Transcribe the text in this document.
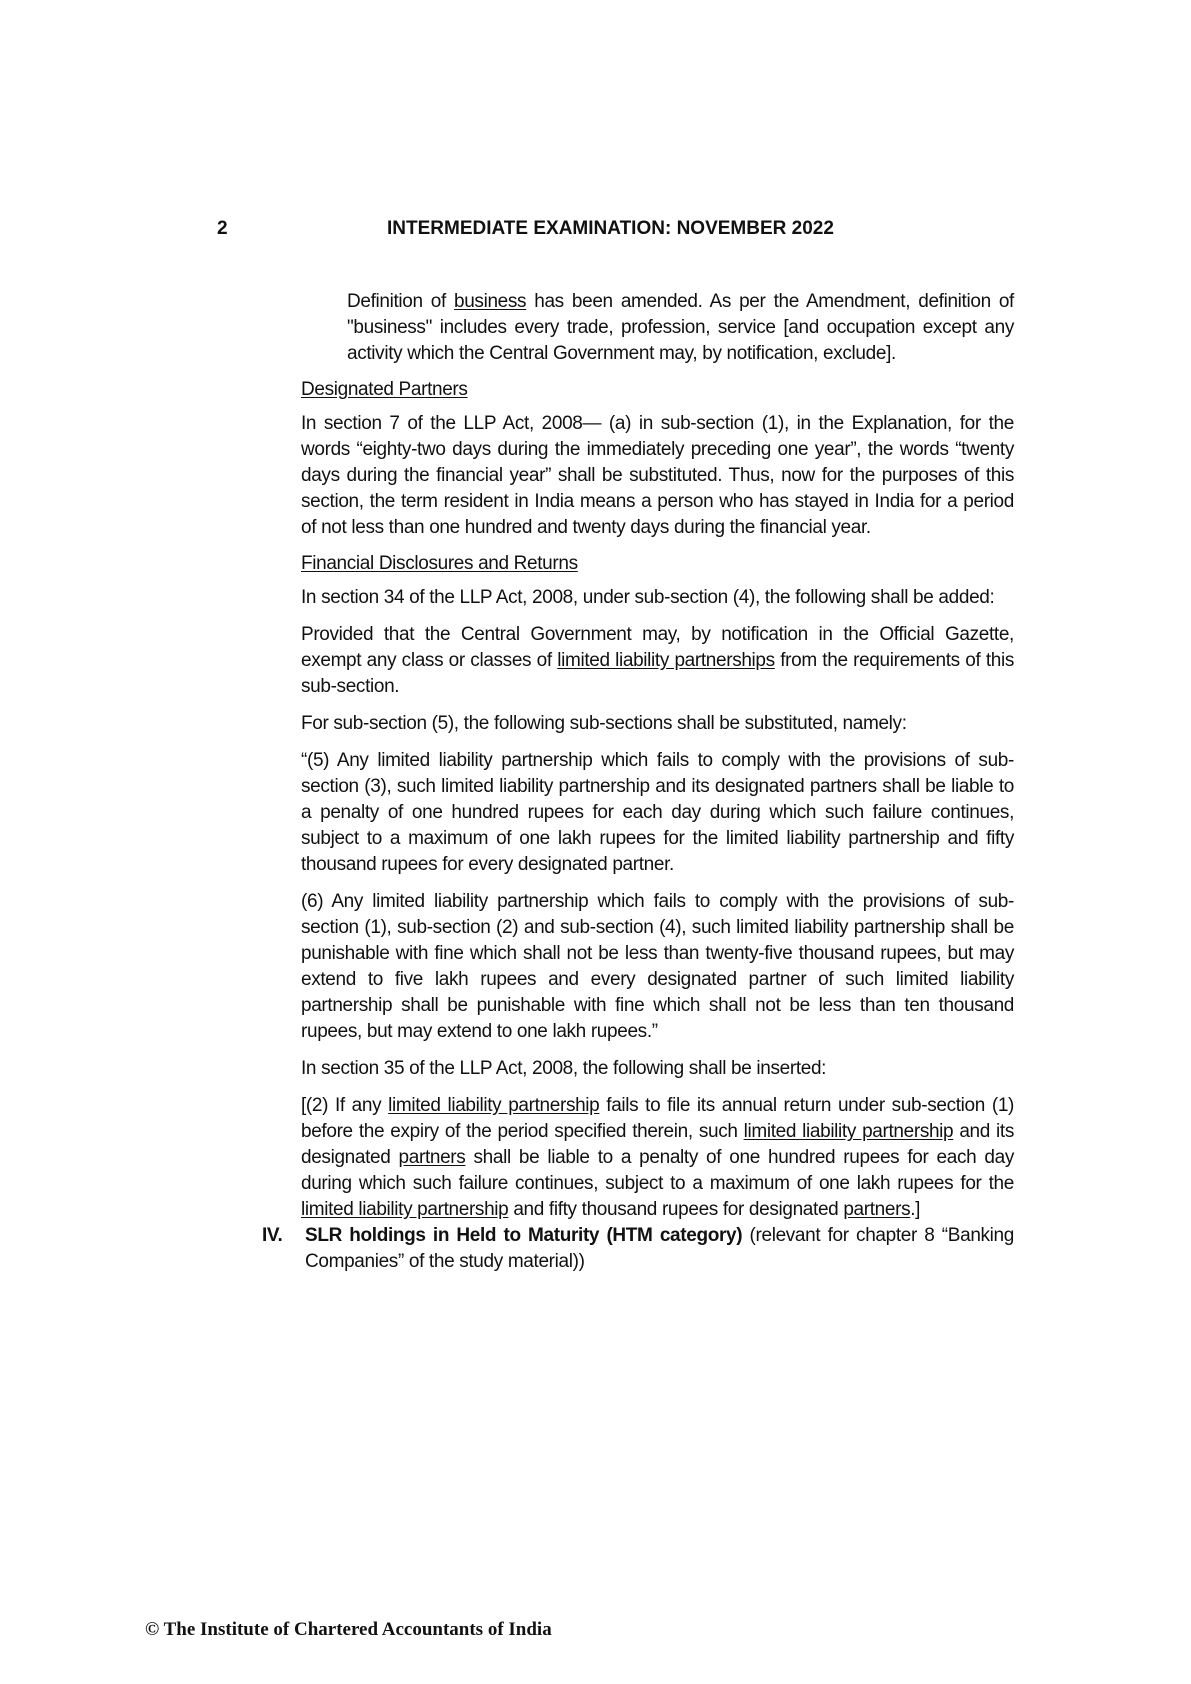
2	INTERMEDIATE EXAMINATION: NOVEMBER 2022

Definition of business has been amended. As per the Amendment, definition of "business" includes every trade, profession, service [and occupation except any activity which the Central Government may, by notification, exclude].

Designated Partners

In section 7 of the LLP Act, 2008— (a) in sub-section (1), in the Explanation, for the words “eighty-two days during the immediately preceding one year”, the words “twenty days during the financial year” shall be substituted. Thus, now for the purposes of this section, the term resident in India means a person who has stayed in India for a period of not less than one hundred and twenty days during the financial year.

Financial Disclosures and Returns

In section 34 of the LLP Act, 2008, under sub-section (4), the following shall be added:

Provided that the Central Government may, by notification in the Official Gazette, exempt any class or classes of limited liability partnerships from the requirements of this sub-section.

For sub-section (5), the following sub-sections shall be substituted, namely:

“(5) Any limited liability partnership which fails to comply with the provisions of sub-section (3), such limited liability partnership and its designated partners shall be liable to a penalty of one hundred rupees for each day during which such failure continues, subject to a maximum of one lakh rupees for the limited liability partnership and fifty thousand rupees for every designated partner.

(6) Any limited liability partnership which fails to comply with the provisions of sub-section (1), sub-section (2) and sub-section (4), such limited liability partnership shall be punishable with fine which shall not be less than twenty-five thousand rupees, but may extend to five lakh rupees and every designated partner of such limited liability partnership shall be punishable with fine which shall not be less than ten thousand rupees, but may extend to one lakh rupees.”

In section 35 of the LLP Act, 2008, the following shall be inserted:

[(2) If any limited liability partnership fails to file its annual return under sub-section (1) before the expiry of the period specified therein, such limited liability partnership and its designated partners shall be liable to a penalty of one hundred rupees for each day during which such failure continues, subject to a maximum of one lakh rupees for the limited liability partnership and fifty thousand rupees for designated partners.]

IV. SLR holdings in Held to Maturity (HTM category) (relevant for chapter 8 “Banking Companies” of the study material))

© The Institute of Chartered Accountants of India
